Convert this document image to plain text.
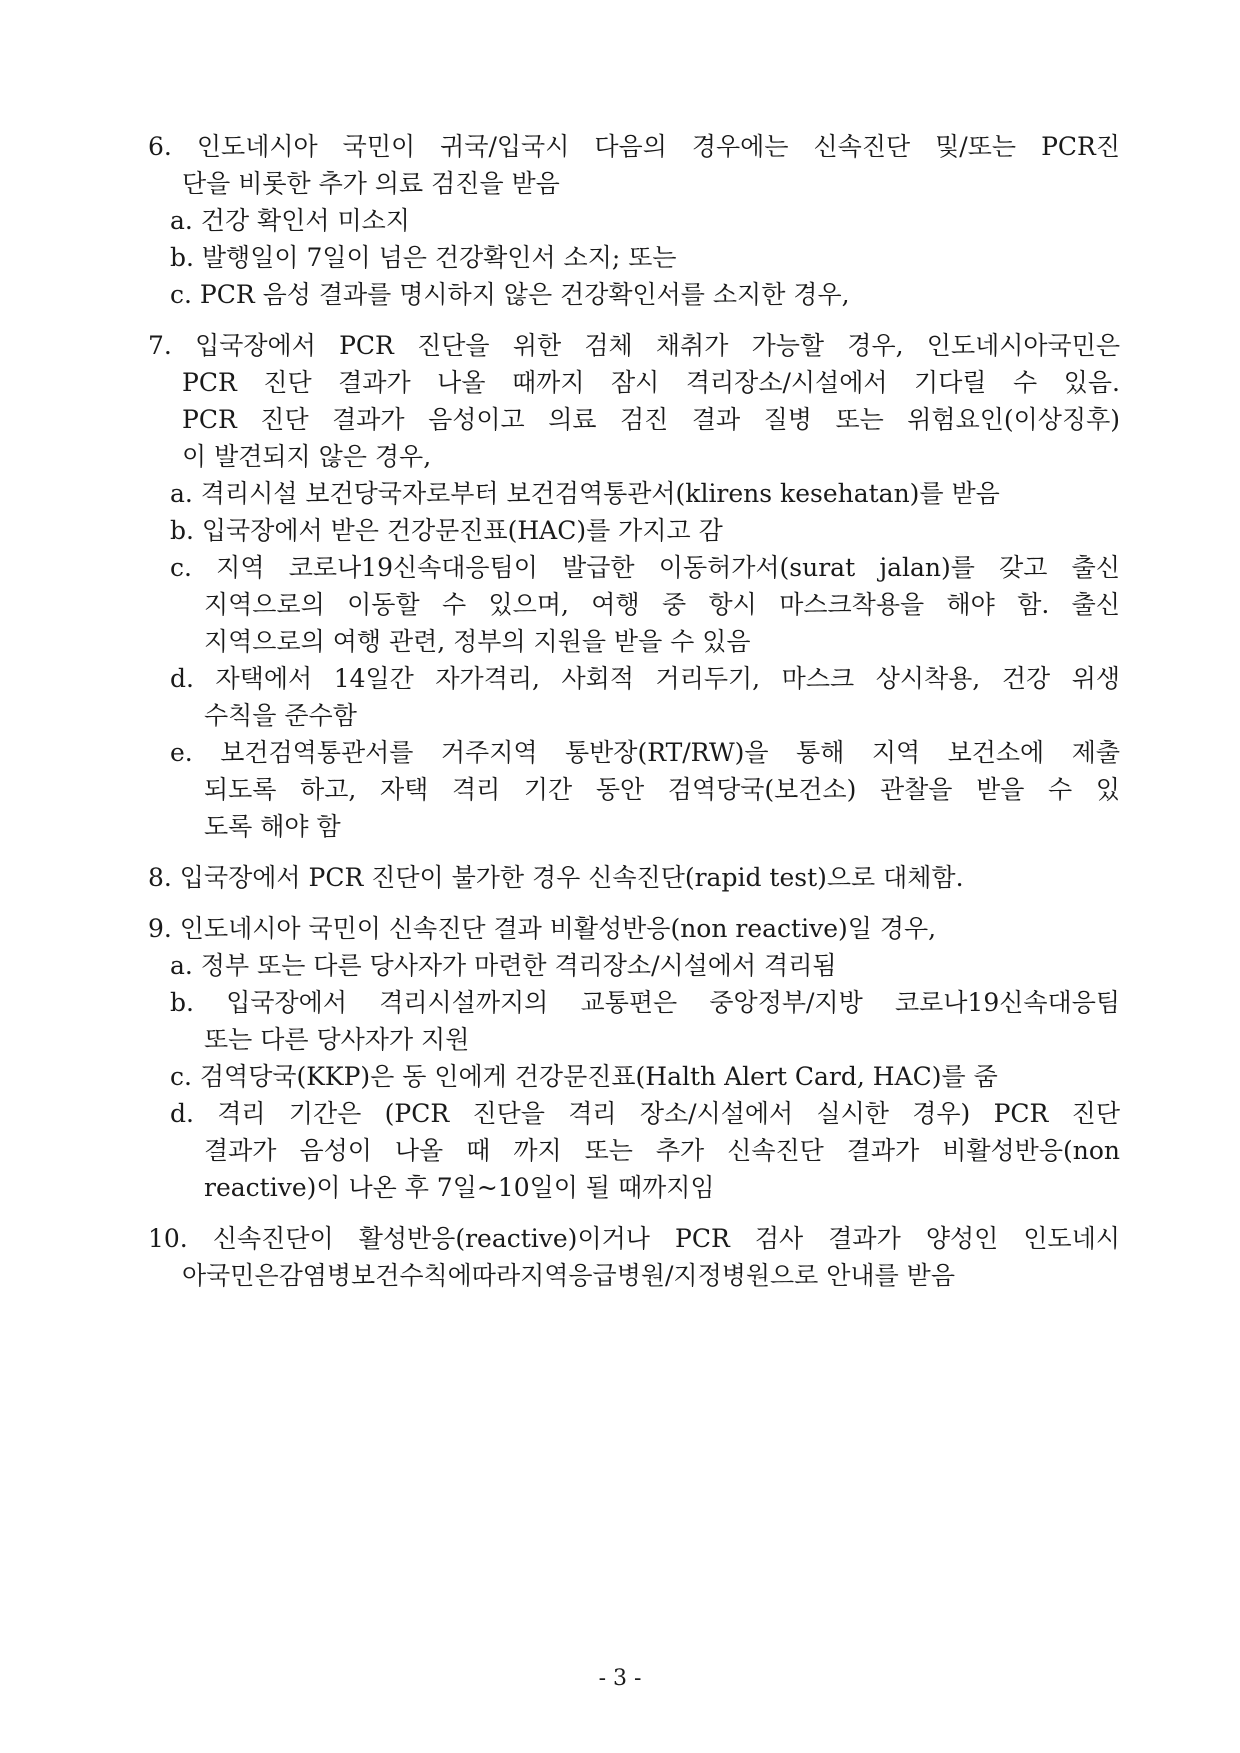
6. 인도네시아 국민이 귀국/입국시 다음의 경우에는 신속진단 및/또는 PCR진
단을 비롯한 추가 의료 검진을 받음
a. 건강 확인서 미소지
b. 발행일이 7일이 넘은 건강확인서 소지; 또는
c. PCR 음성 결과를 명시하지 않은 건강확인서를 소지한 경우,
7. 입국장에서 PCR 진단을 위한 검체 채취가 가능할 경우, 인도네시아국민은
PCR 진단 결과가 나올 때까지 잠시 격리장소/시설에서 기다릴 수 있음.
PCR 진단 결과가 음성이고 의료 검진 결과 질병 또는 위험요인(이상징후)
이 발견되지 않은 경우,
a. 격리시설 보건당국자로부터 보건검역통관서(klirens kesehatan)를 받음
b. 입국장에서 받은 건강문진표(HAC)를 가지고 감
c. 지역 코로나19신속대응팀이 발급한 이동허가서(surat jalan)를 갖고 출신
지역으로의 이동할 수 있으며, 여행 중 항시 마스크착용을 해야 함. 출신
지역으로의 여행 관련, 정부의 지원을 받을 수 있음
d. 자택에서 14일간 자가격리, 사회적 거리두기, 마스크 상시착용, 건강 위생
수칙을 준수함
e. 보건검역통관서를 거주지역 통반장(RT/RW)을 통해 지역 보건소에 제출
되도록 하고, 자택 격리 기간 동안 검역당국(보건소) 관찰을 받을 수 있
도록 해야 함
8. 입국장에서 PCR 진단이 불가한 경우 신속진단(rapid test)으로 대체함.
9. 인도네시아 국민이 신속진단 결과 비활성반응(non reactive)일 경우,
a. 정부 또는 다른 당사자가 마련한 격리장소/시설에서 격리됨
b. 입국장에서 격리시설까지의 교통편은 중앙정부/지방 코로나19신속대응팀
또는 다른 당사자가 지원
c. 검역당국(KKP)은 동 인에게 건강문진표(Halth Alert Card, HAC)를 줌
d. 격리 기간은 (PCR 진단을 격리 장소/시설에서 실시한 경우) PCR 진단
결과가 음성이 나올 때 까지 또는 추가 신속진단 결과가 비활성반응(non
reactive)이 나온 후 7일~10일이 될 때까지임
10. 신속진단이 활성반응(reactive)이거나 PCR 검사 결과가 양성인 인도네시
아국민은감염병보건수칙에따라지역응급병원/지정병원으로 안내를 받음
- 3 -
